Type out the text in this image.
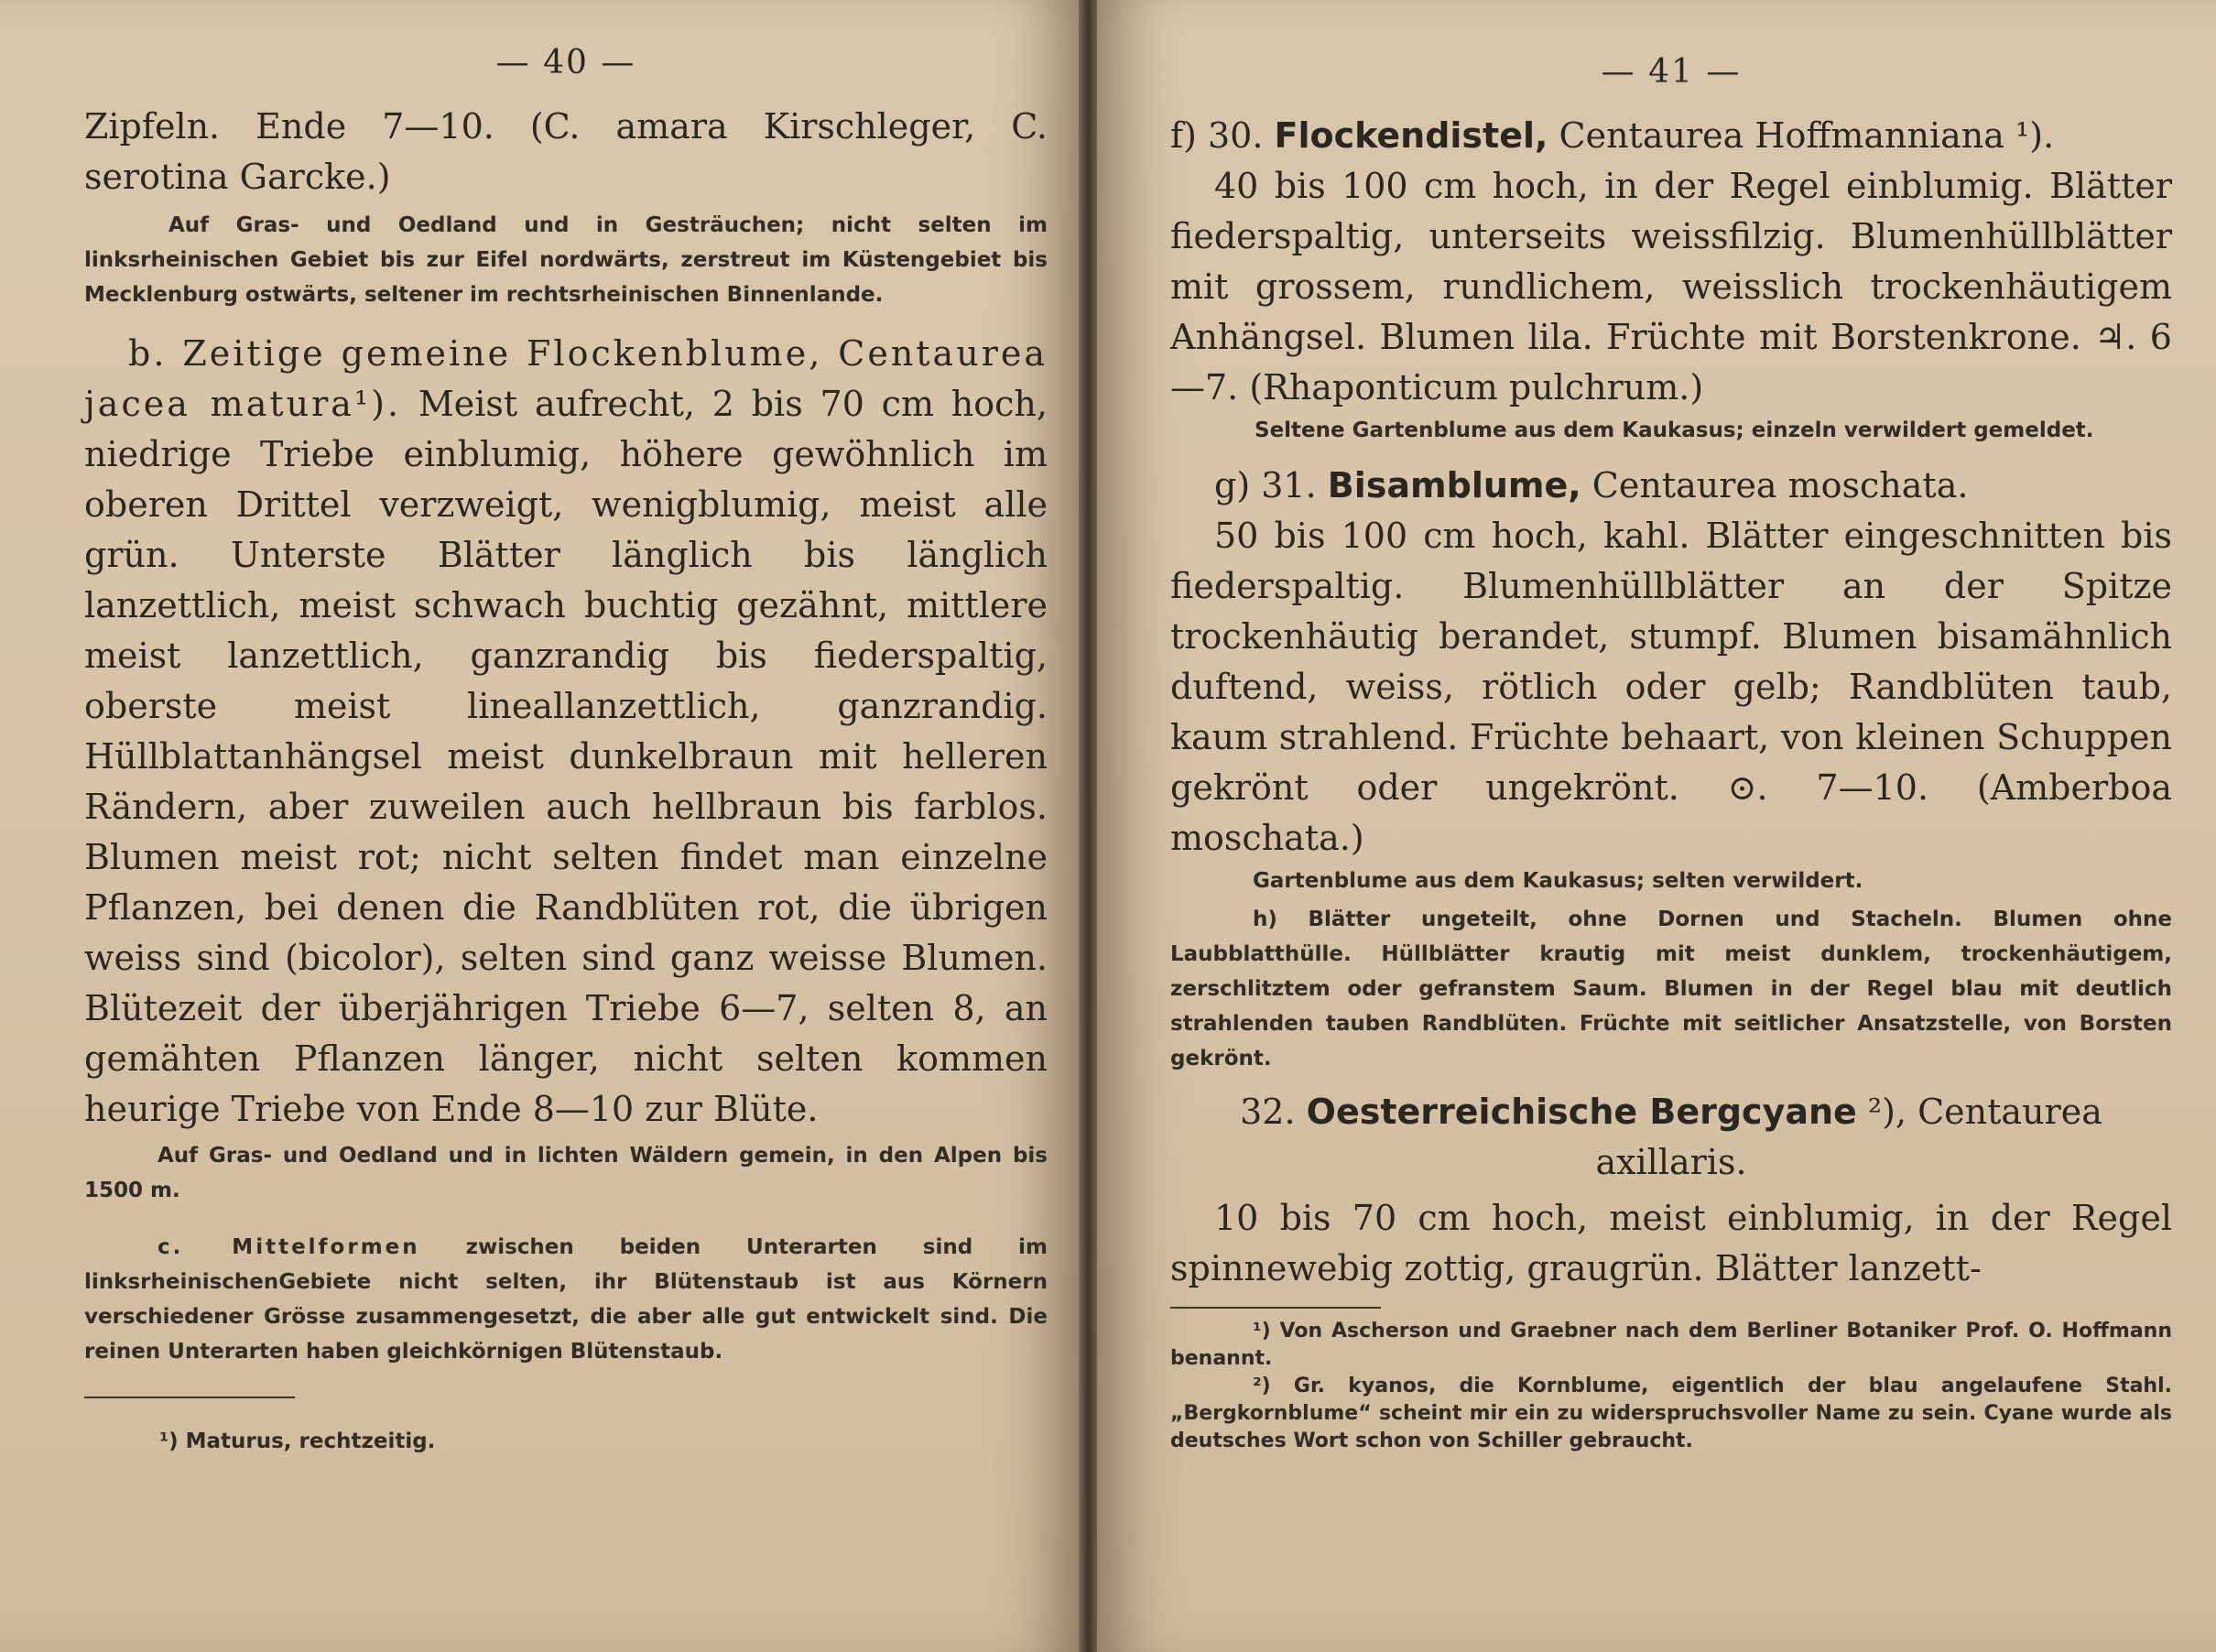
— 40 —

Zipfeln. Ende 7—10. (C. amara Kirschleger, C. serotina Garcke.)

Auf Gras- und Oedland und in Gesträuchen; nicht selten im linksrheinischen Gebiet bis zur Eifel nordwärts, zerstreut im Küstengebiet bis Mecklenburg ostwärts, seltener im rechtsrheinischen Binnenlande.

b. Zeitige gemeine Flockenblume, Centaurea jacea matura¹). Meist aufrecht, 2 bis 70 cm hoch, niedrige Triebe einblumig, höhere gewöhnlich im oberen Drittel verzweigt, wenigblumig, meist alle grün. Unterste Blätter länglich bis länglich lanzettlich, meist schwach buchtig gezähnt, mittlere meist lanzettlich, ganzrandig bis fiederspaltig, oberste meist lineallanzettlich, ganzrandig. Hüllblattanhängsel meist dunkelbraun mit helleren Rändern, aber zuweilen auch hellbraun bis farblos. Blumen meist rot; nicht selten findet man einzelne Pflanzen, bei denen die Randblüten rot, die übrigen weiss sind (bicolor), selten sind ganz weisse Blumen. Blütezeit der überjährigen Triebe 6—7, selten 8, an gemähten Pflanzen länger, nicht selten kommen heurige Triebe von Ende 8—10 zur Blüte.

Auf Gras- und Oedland und in lichten Wäldern gemein, in den Alpen bis 1500 m.

c. Mittelformen zwischen beiden Unterarten sind im linksrheinischenGebiete nicht selten, ihr Blütenstaub ist aus Körnern verschiedener Grösse zusammengesetzt, die aber alle gut entwickelt sind. Die reinen Unterarten haben gleichkörnigen Blütenstaub.

¹) Maturus, rechtzeitig.

— 41 —

f) 30. Flockendistel, Centaurea Hoffmanniana ¹).

40 bis 100 cm hoch, in der Regel einblumig. Blätter fiederspaltig, unterseits weissfilzig. Blumenhüllblätter mit grossem, rundlichem, weisslich trockenhäutigem Anhängsel. Blumen lila. Früchte mit Borstenkrone. ♃. 6—7. (Rhaponticum pulchrum.)

Seltene Gartenblume aus dem Kaukasus; einzeln verwildert gemeldet.

g) 31. Bisamblume, Centaurea moschata.

50 bis 100 cm hoch, kahl. Blätter eingeschnitten bis fiederspaltig. Blumenhüllblätter an der Spitze trockenhäutig berandet, stumpf. Blumen bisamähnlich duftend, weiss, rötlich oder gelb; Randblüten taub, kaum strahlend. Früchte behaart, von kleinen Schuppen gekrönt oder ungekrönt. ⊙. 7—10. (Amberboa moschata.)

Gartenblume aus dem Kaukasus; selten verwildert.

h) Blätter ungeteilt, ohne Dornen und Stacheln. Blumen ohne Laubblatthülle. Hüllblätter krautig mit meist dunklem, trockenhäutigem, zerschlitztem oder gefranstem Saum. Blumen in der Regel blau mit deutlich strahlenden tauben Randblüten. Früchte mit seitlicher Ansatzstelle, von Borsten gekrönt.

32. Oesterreichische Bergcyane ²), Centaurea axillaris.

10 bis 70 cm hoch, meist einblumig, in der Regel spinnewebig zottig, graugrün. Blätter lanzett-

¹) Von Ascherson und Graebner nach dem Berliner Botaniker Prof. O. Hoffmann benannt.

²) Gr. kyanos, die Kornblume, eigentlich der blau angelaufene Stahl. „Bergkornblume“ scheint mir ein zu widerspruchsvoller Name zu sein. Cyane wurde als deutsches Wort schon von Schiller gebraucht.
